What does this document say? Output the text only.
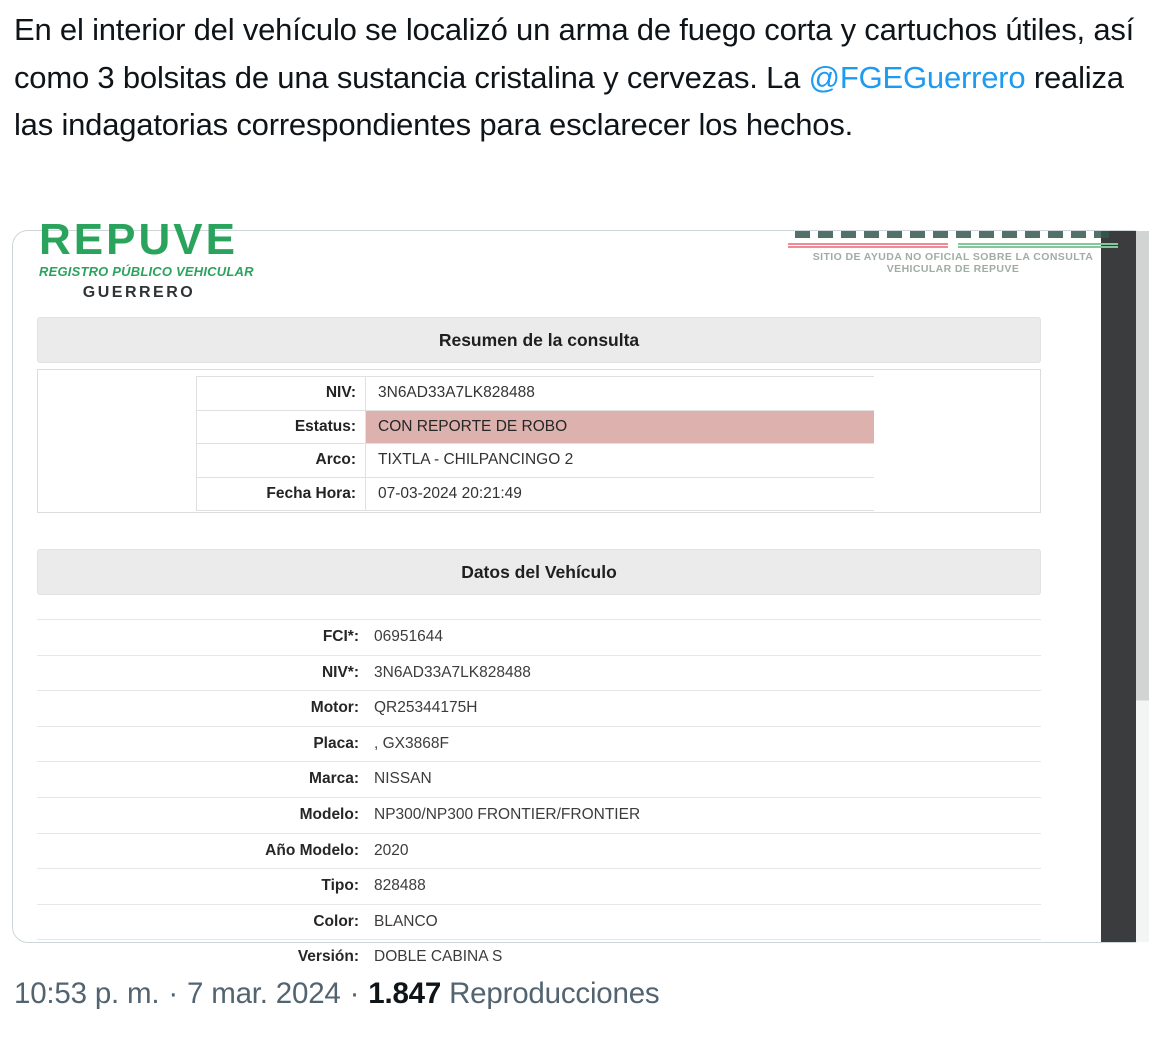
En el interior del vehículo se localizó un arma de fuego corta y cartuchos útiles, así como 3 bolsitas de una sustancia cristalina y cervezas. La @FGEGuerrero realiza las indagatorias correspondientes para esclarecer los hechos.
REPUVE
REGISTRO PÚBLICO VEHICULAR
GUERRERO
SITIO DE AYUDA NO OFICIAL SOBRE LA CONSULTA
VEHICULAR DE REPUVE
Resumen de la consulta
NIV:	3N6AD33A7LK828488
Estatus:	CON REPORTE DE ROBO
Arco:	TIXTLA - CHILPANCINGO 2
Fecha Hora:	07-03-2024 20:21:49
Datos del Vehículo
FCI*: 06951644
NIV*: 3N6AD33A7LK828488
Motor: QR25344175H
Placa: , GX3868F
Marca: NISSAN
Modelo: NP300/NP300 FRONTIER/FRONTIER
Año Modelo: 2020
Tipo: 828488
Color: BLANCO
Versión: DOBLE CABINA S
10:53 p. m. · 7 mar. 2024 · 1.847 Reproducciones
